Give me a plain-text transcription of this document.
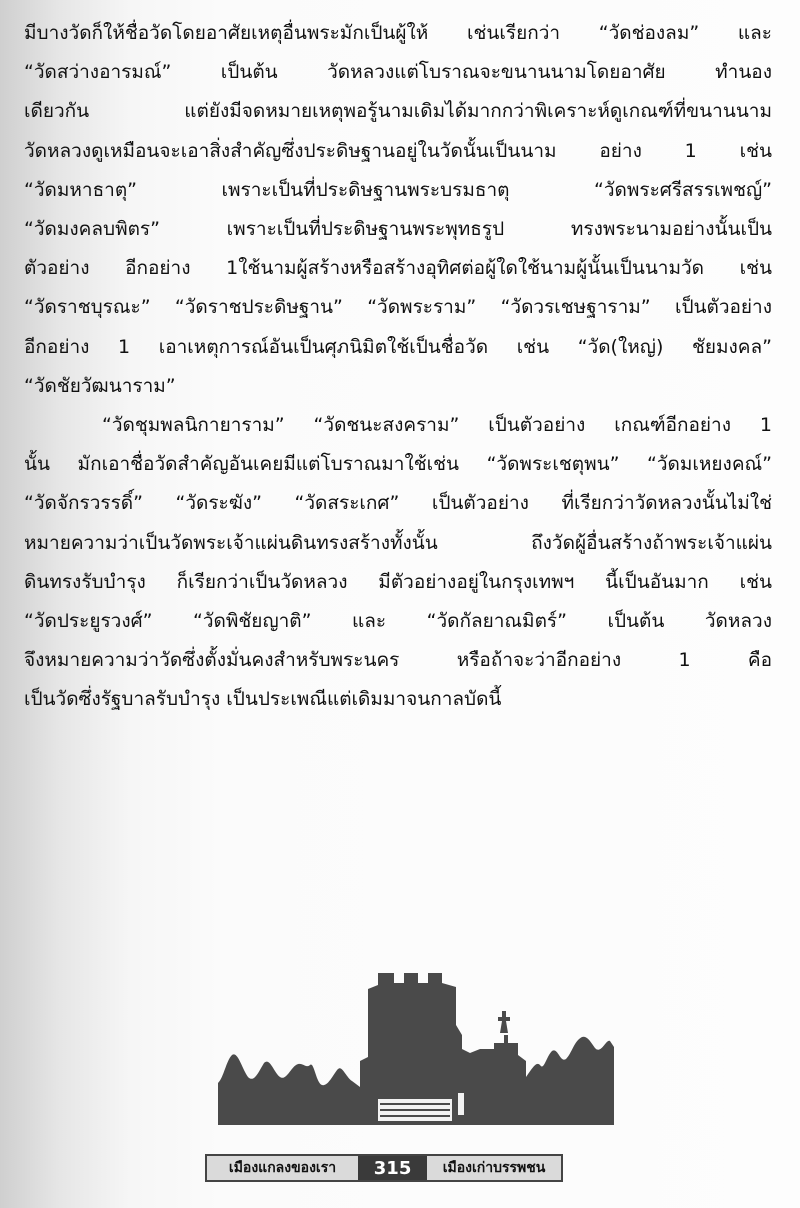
มีบางวัดก็ให้ชื่อวัดโดยอาศัยเหตุอื่นพระมักเป็นผู้ให้ เช่นเรียกว่า “วัดช่องลม” และ

“วัดสว่างอารมณ์” เป็นต้น วัดหลวงแต่โบราณจะขนานนามโดยอาศัย ทำนอง

เดียวกัน แต่ยังมีจดหมายเหตุพอรู้นามเดิมได้มากกว่าพิเคราะห์ดูเกณฑ์ที่ขนานนาม

วัดหลวงดูเหมือนจะเอาสิ่งสำคัญซึ่งประดิษฐานอยู่ในวัดนั้นเป็นนาม อย่าง 1 เช่น

“วัดมหาธาตุ” เพราะเป็นที่ประดิษฐานพระบรมธาตุ “วัดพระศรีสรรเพชญ์”

“วัดมงคลบพิตร” เพราะเป็นที่ประดิษฐานพระพุทธรูป ทรงพระนามอย่างนั้นเป็น

ตัวอย่าง อีกอย่าง 1ใช้นามผู้สร้างหรือสร้างอุทิศต่อผู้ใดใช้นามผู้นั้นเป็นนามวัด เช่น

“วัดราชบุรณะ” “วัดราชประดิษฐาน” “วัดพระราม” “วัดวรเชษฐาราม” เป็นตัวอย่าง

อีกอย่าง 1 เอาเหตุการณ์อันเป็นศุภนิมิตใช้เป็นชื่อวัด เช่น “วัด(ใหญ่) ชัยมงคล”

“วัดชัยวัฒนาราม”

“วัดชุมพลนิกายาราม” “วัดชนะสงคราม” เป็นตัวอย่าง เกณฑ์อีกอย่าง 1

นั้น มักเอาชื่อวัดสำคัญอันเคยมีแต่โบราณมาใช้เช่น “วัดพระเชตุพน” “วัดมเหยงคณ์”

“วัดจักรวรรดิ์” “วัดระฆัง” “วัดสระเกศ” เป็นตัวอย่าง ที่เรียกว่าวัดหลวงนั้นไม่ใช่

หมายความว่าเป็นวัดพระเจ้าแผ่นดินทรงสร้างทั้งนั้น ถึงวัดผู้อื่นสร้างถ้าพระเจ้าแผ่น

ดินทรงรับบำรุง ก็เรียกว่าเป็นวัดหลวง มีตัวอย่างอยู่ในกรุงเทพฯ นี้เป็นอันมาก เช่น

“วัดประยูรวงศ์” “วัดพิชัยญาติ” และ “วัดกัลยาณมิตร์” เป็นต้น วัดหลวง

จึงหมายความว่าวัดซึ่งตั้งมั่นคงสำหรับพระนคร หรือถ้าจะว่าอีกอย่าง 1 คือ

เป็นวัดซึ่งรัฐบาลรับบำรุง เป็นประเพณีแต่เดิมมาจนกาลบัดนี้

เมืองแกลงของเรา	315	เมืองเก่าบรรพชน
